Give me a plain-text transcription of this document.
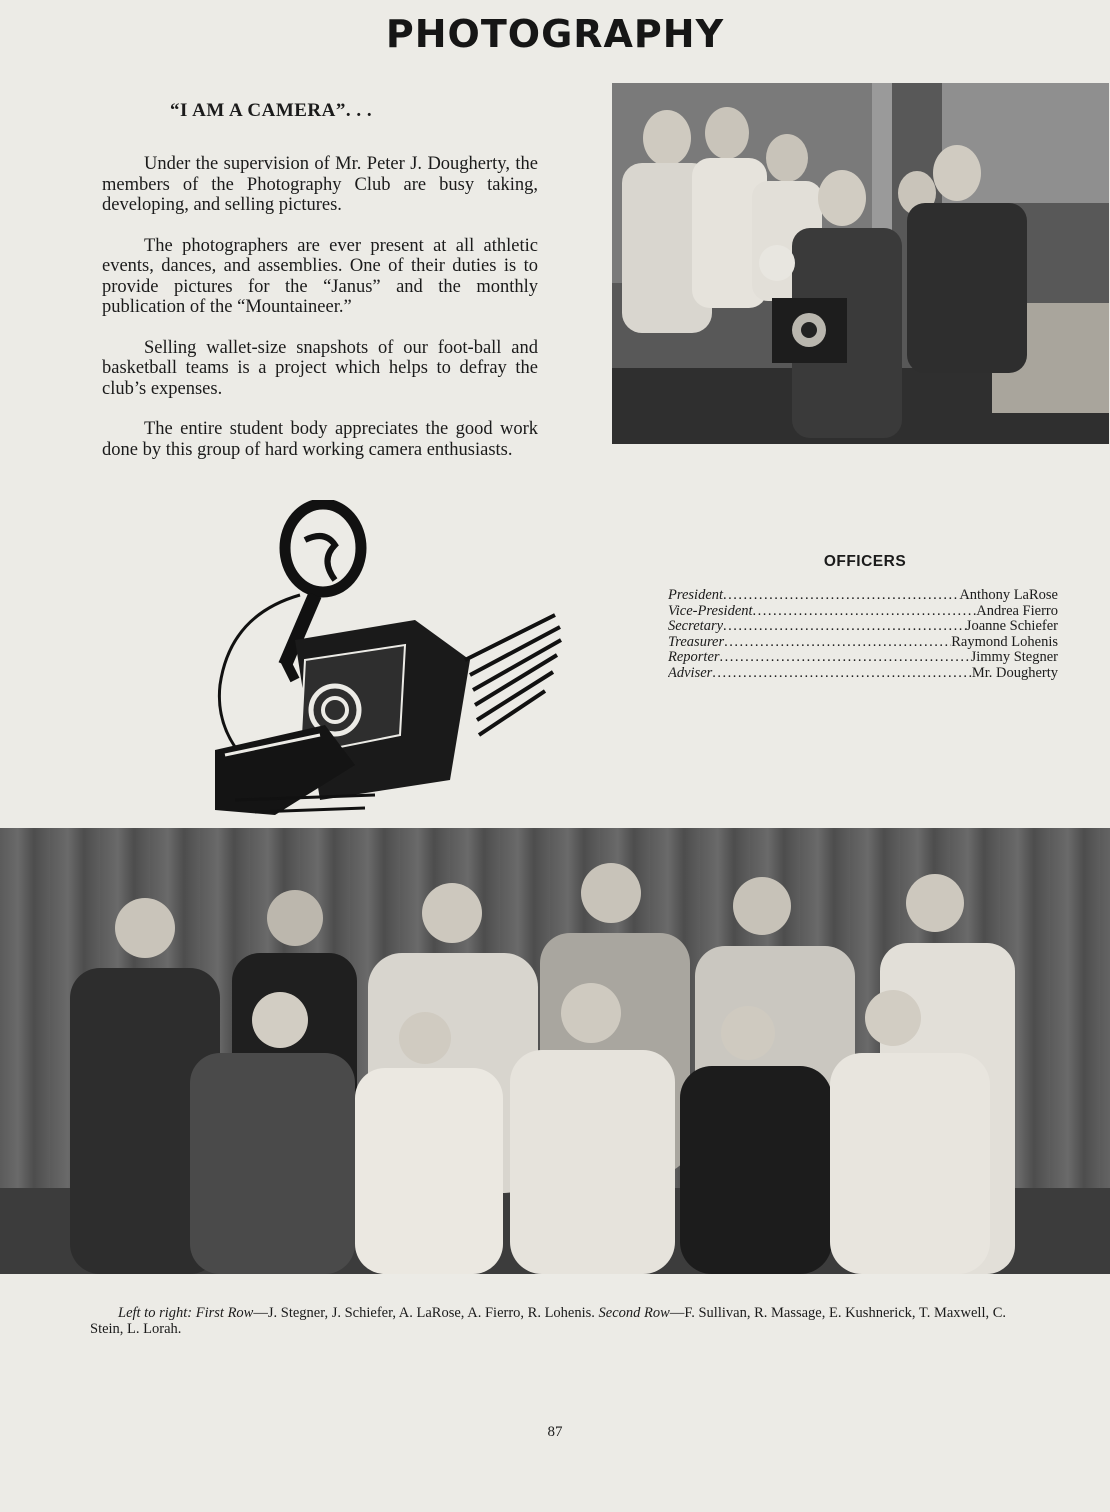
PHOTOGRAPHY
“I AM A CAMERA”. . .

Under the supervision of Mr. Peter J. Dougherty, the members of the Photography Club are busy taking, developing, and selling pictures.

The photographers are ever present at all athletic events, dances, and assemblies. One of their duties is to provide pictures for the “Janus” and the monthly publication of the “Mountaineer.”

Selling wallet-size snapshots of our foot-ball and basketball teams is a project which helps to defray the club’s expenses.

The entire student body appreciates the good work done by this group of hard working camera enthusiasts.

OFFICERS
President .....	Anthony LaRose
Vice-President .....	Andrea Fierro
Secretary .....	Joanne Schiefer
Treasurer .....	Raymond Lohenis
Reporter .....	Jimmy Stegner
Adviser .....	Mr. Dougherty
Left to right: First Row—J. Stegner, J. Schiefer, A. LaRose, A. Fierro, R. Lohenis. Second Row—F. Sullivan, R. Massage, E. Kushnerick, T. Maxwell, C. Stein, L. Lorah.
87
